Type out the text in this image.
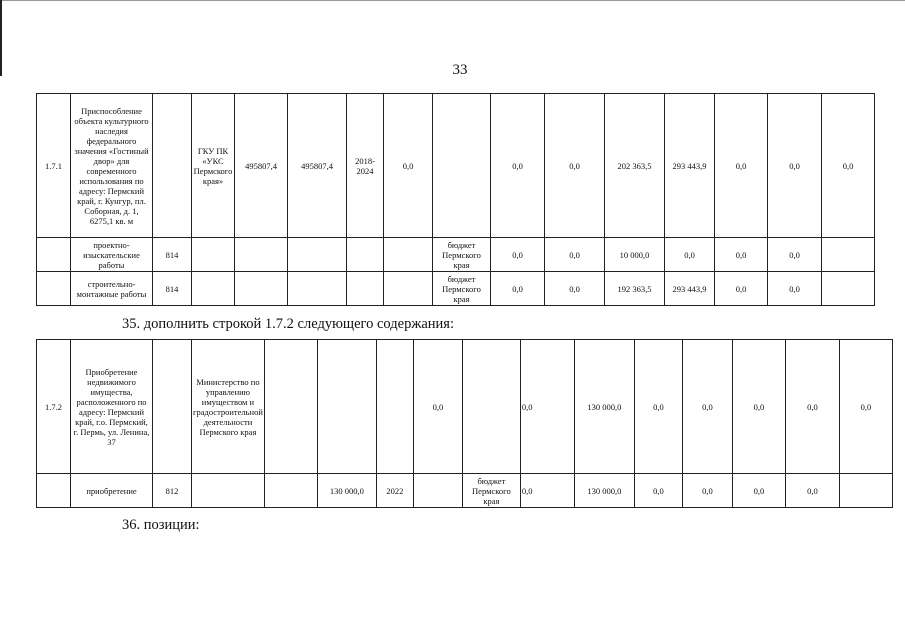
33
1.7.1	Приспособление объекта культурного наследия федерального значения «Гостиный двор» для современного использования по адресу: Пермский край, г. Кунгур, пл. Соборная, д. 1, 6275,1 кв. м		ГКУ ПК «УКС Пермского края»	495807,4	495807,4	2018-2024	0,0		0,0	0,0	202 363,5	293 443,9	0,0	0,0	0,0
	проектно-изыскательские работы	814						бюджет Пермского края	0,0	0,0	10 000,0	0,0	0,0	0,0	
	строительно-монтажные работы	814						бюджет Пермского края	0,0	0,0	192 363,5	293 443,9	0,0	0,0	
35. дополнить строкой 1.7.2 следующего содержания:
1.7.2	Приобретение недвижимого имущества, расположенного по адресу: Пермский край, г.о. Пермский, г. Пермь, ул. Ленина, 37		Министерство по управлению имуществом и градостроительной деятельности Пермского края				0,0		0,0	130 000,0	0,0	0,0	0,0	0,0	0,0
	приобретение	812			130 000,0	2022		бюджет Пермского края	0,0	130 000,0	0,0	0,0	0,0	0,0	
36. позиции:
